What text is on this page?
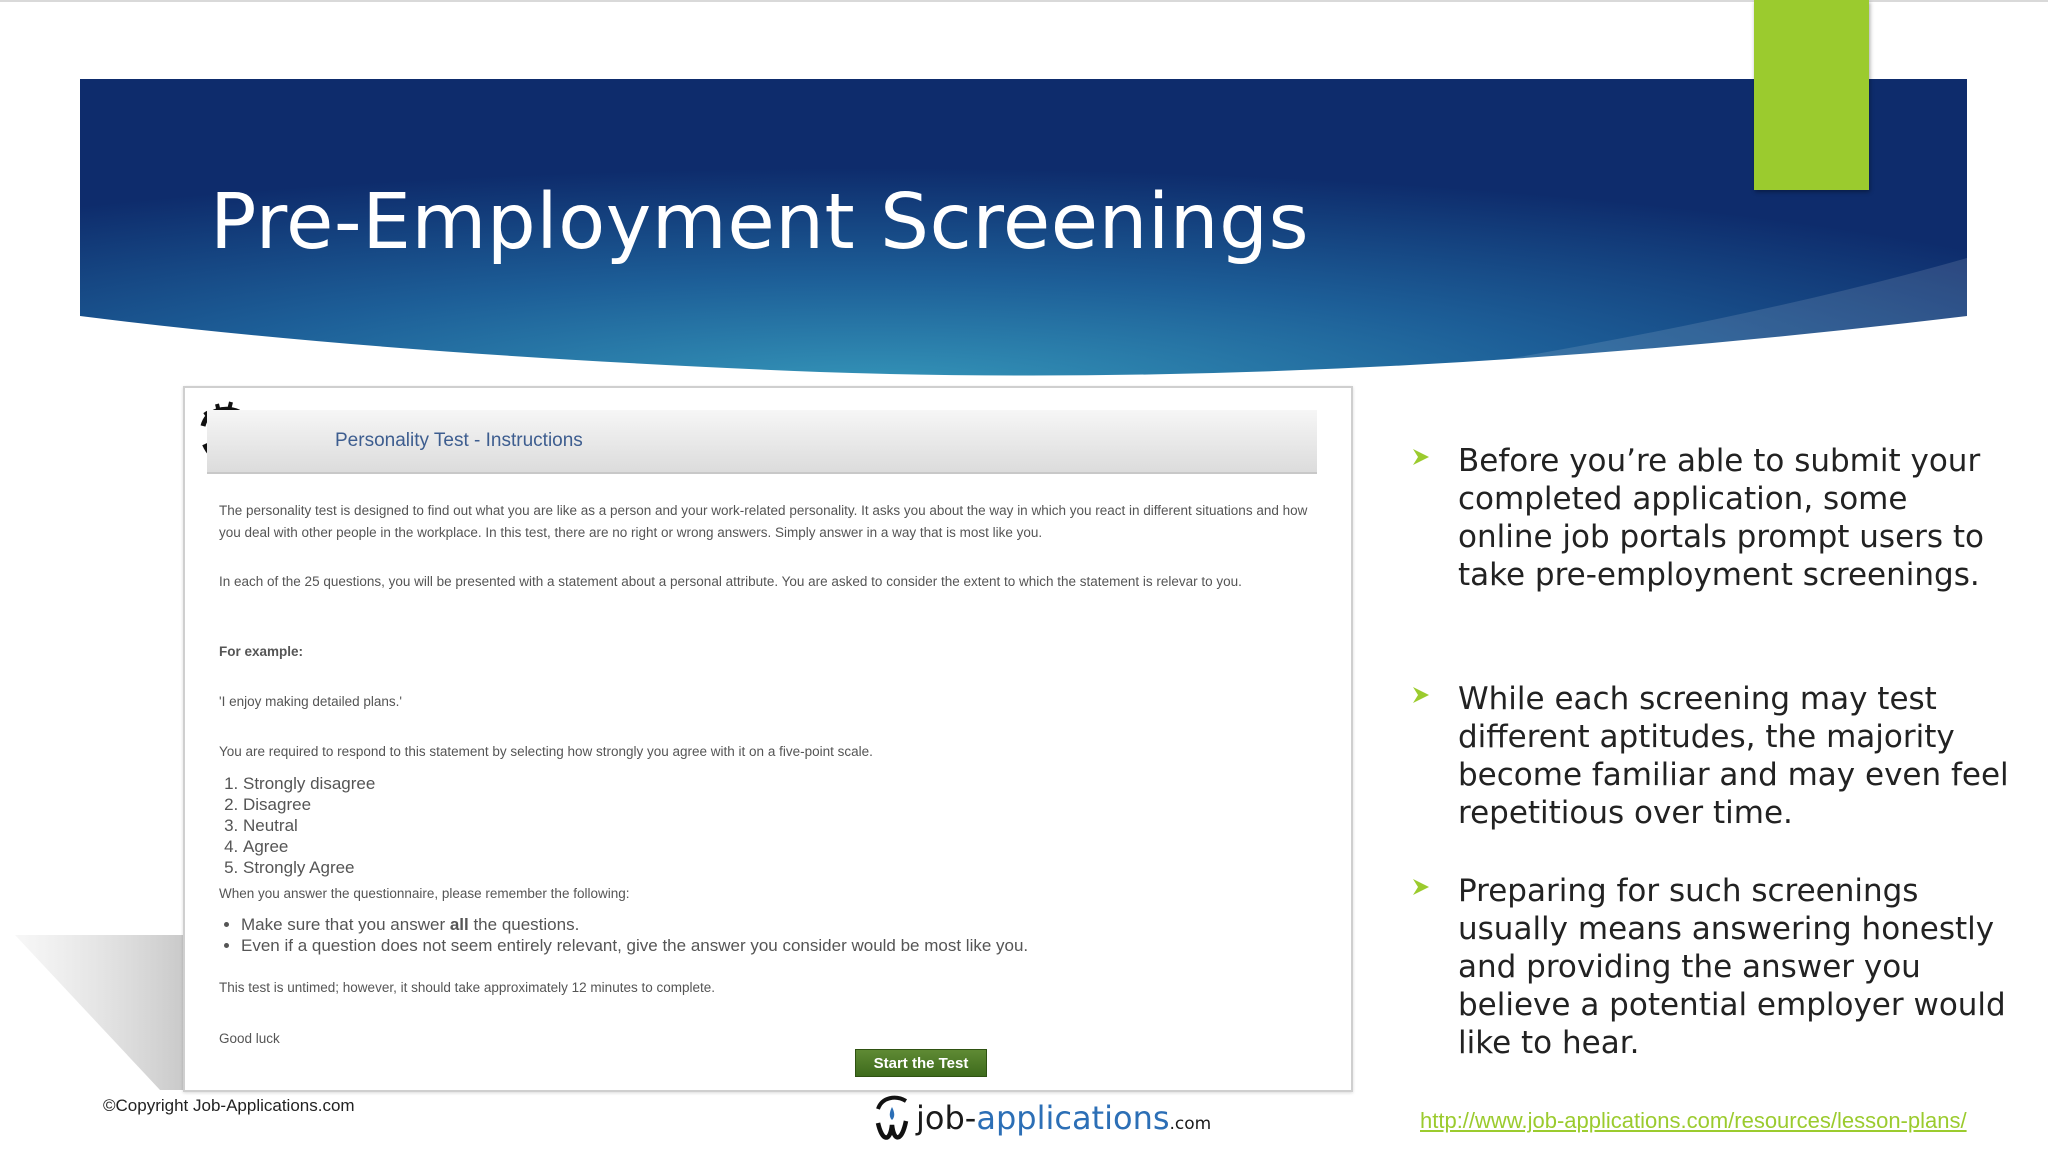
Pre-Employment Screenings
Personality Test - Instructions

The personality test is designed to find out what you are like as a person and your work-related personality. It asks you about the way in which you react in different situations and how you deal with other people in the workplace. In this test, there are no right or wrong answers. Simply answer in a way that is most like you.

In each of the 25 questions, you will be presented with a statement about a personal attribute. You are asked to consider the extent to which the statement is relevar to you.

For example:

'I enjoy making detailed plans.'

You are required to respond to this statement by selecting how strongly you agree with it on a five-point scale.

1. Strongly disagree
2. Disagree
3. Neutral
4. Agree
5. Strongly Agree

When you answer the questionnaire, please remember the following:

• Make sure that you answer all the questions.
• Even if a question does not seem entirely relevant, give the answer you consider would be most like you.

This test is untimed; however, it should take approximately 12 minutes to complete.

Good luck

Start the Test
Before you’re able to submit your completed application, some online job portals prompt users to take pre-employment screenings.
While each screening may test different aptitudes, the majority become familiar and may even feel repetitious over time.
Preparing for such screenings usually means answering honestly and providing the answer you believe a potential employer would like to hear.
©Copyright Job-Applications.com	job-applications.com	http://www.job-applications.com/resources/lesson-plans/
